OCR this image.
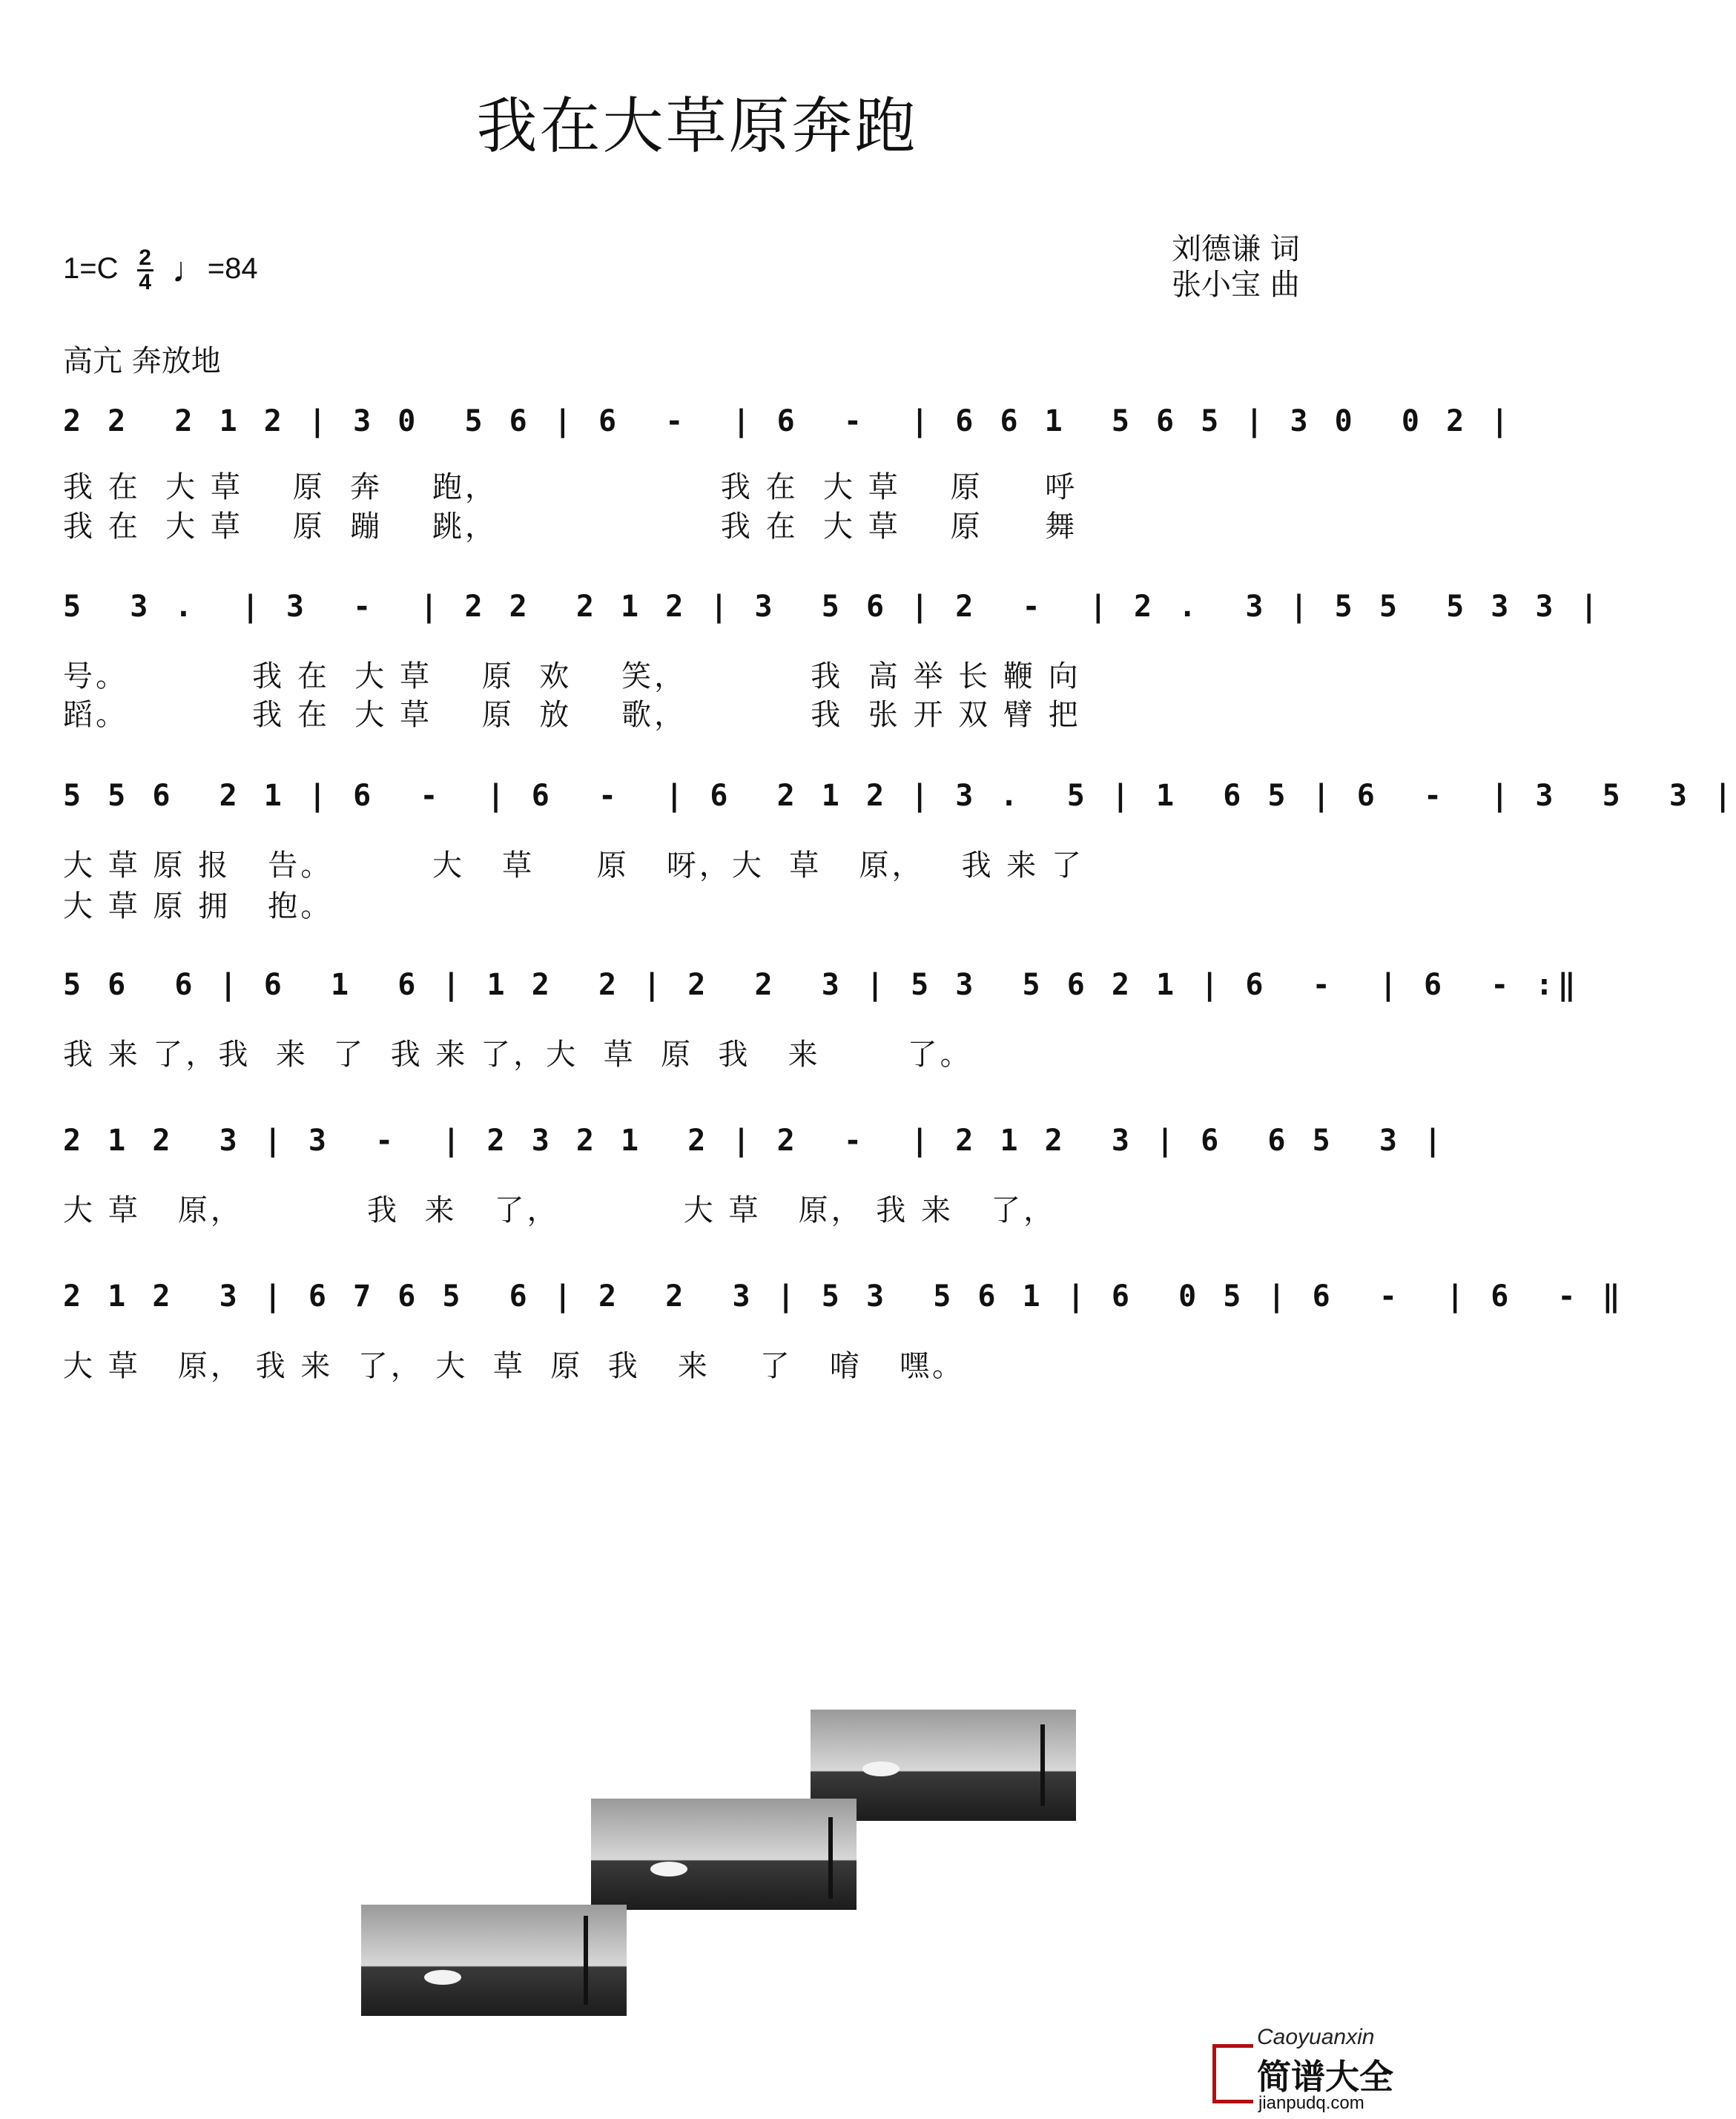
我在大草原奔跑
$1=C \frac{2}{4}$ ♩=84
刘德谦 词
张小宝 曲
高亢 奔放地
2 2  2 1 2 | 3 0  5 6 | 6  -  | 6  -  | 6 6 1  5 6 5 | 3 0  0 2 |
我 在  大 草    原  奔    跑，                  我 在  大 草    原     呼
我 在  大 草    原  蹦    跳，                  我 在  大 草    原     舞
5  3 .  | 3  -  | 2 2  2 1 2 | 3  5 6 | 2  -  | 2 .  3 | 5 5  5 3 3 |
号。          我 在  大 草    原  欢    笑，          我  高 举 长 鞭 向
蹈。          我 在  大 草    原  放    歌，          我  张 开 双 臂 把
5 5 6  2 1 | 6  -  | 6  -  | 6  2 1 2 | 3 .  5 | 1  6 5 | 6  -  | 3  5  3 |
大 草 原 报   告。        大   草     原   呀，大  草   原，   我 来 了
大 草 原 拥   抱。
5 6  6 | 6  1  6 | 1 2  2 | 2  2  3 | 5 3  5 6 2 1 | 6  -  | 6  - :‖
我 来 了，我  来  了  我 来 了，大  草  原  我   来       了。
2 1 2  3 | 3  -  | 2 3 2 1  2 | 2  -  | 2 1 2  3 | 6  6 5  3 |
大 草   原，          我  来   了，          大 草   原， 我 来   了，
2 1 2  3 | 6 7 6 5  6 | 2  2  3 | 5 3  5 6 1 | 6  0 5 | 6  -  | 6  - ‖
大 草   原， 我 来  了， 大  草  原  我   来    了   唷   嘿。
Caoyuanxin
简谱大全
jianpudq.com
